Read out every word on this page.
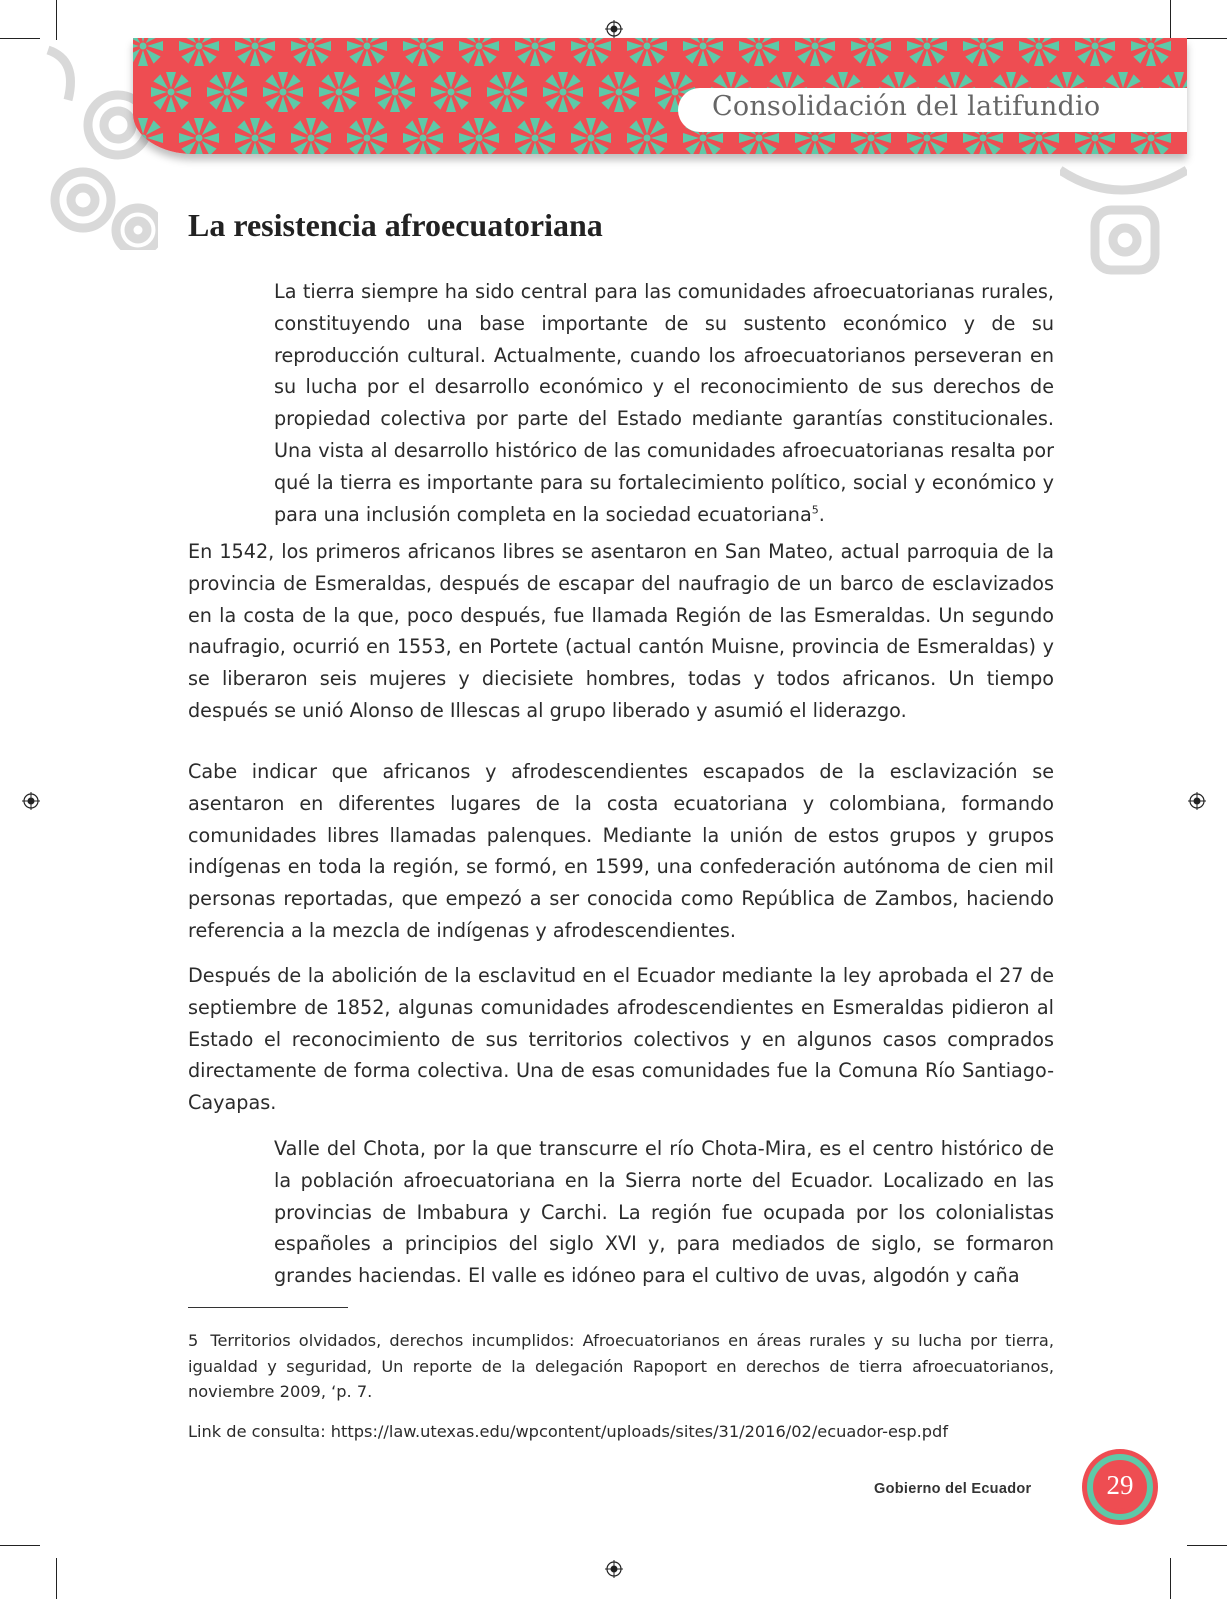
Consolidación del latifundio
La resistencia afroecuatoriana

La tierra siempre ha sido central para las comunidades afroecuatorianas rurales, constituyendo una base importante de su sustento económico y de su reproducción cultural. Actualmente, cuando los afroecuatorianos perseveran en su lucha por el desarrollo económico y el reconocimiento de sus derechos de propiedad colectiva por parte del Estado mediante garantías constitucionales. Una vista al desarrollo histórico de las comunidades afroecuatorianas resalta por qué la tierra es importante para su fortalecimiento político, social y económico y para una inclusión completa en la sociedad ecuatoriana$^5$.

En 1542, los primeros africanos libres se asentaron en San Mateo, actual parroquia de la provincia de Esmeraldas, después de escapar del naufragio de un barco de esclavizados en la costa de la que, poco después, fue llamada Región de las Esmeraldas. Un segundo naufragio, ocurrió en 1553, en Portete (actual cantón Muisne, provincia de Esmeraldas) y se liberaron seis mujeres y diecisiete hombres, todas y todos africanos. Un tiempo después se unió Alonso de Illescas al grupo liberado y asumió el liderazgo.

Cabe indicar que africanos y afrodescendientes escapados de la esclavización se asentaron en diferentes lugares de la costa ecuatoriana y colombiana, formando comunidades libres llamadas palenques. Mediante la unión de estos grupos y grupos indígenas en toda la región, se formó, en 1599, una confederación autónoma de cien mil personas reportadas, que empezó a ser conocida como República de Zambos, haciendo referencia a la mezcla de indígenas y afrodescendientes.

Después de la abolición de la esclavitud en el Ecuador mediante la ley aprobada el 27 de septiembre de 1852, algunas comunidades afrodescendientes en Esmeraldas pidieron al Estado el reconocimiento de sus territorios colectivos y en algunos casos comprados directamente de forma colectiva. Una de esas comunidades fue la Comuna Río Santiago-Cayapas.

Valle del Chota, por la que transcurre el río Chota-Mira, es el centro histórico de la población afroecuatoriana en la Sierra norte del Ecuador. Localizado en las provincias de Imbabura y Carchi. La región fue ocupada por los colonialistas españoles a principios del siglo XVI y, para mediados de siglo, se formaron grandes haciendas. El valle es idóneo para el cultivo de uvas, algodón y caña

5 Territorios olvidados, derechos incumplidos: Afroecuatorianos en áreas rurales y su lucha por tierra, igualdad y seguridad, Un reporte de la delegación Rapoport en derechos de tierra afroecuatorianos, noviembre 2009, ‘p. 7.

Link de consulta: https://law.utexas.edu/wpcontent/uploads/sites/31/2016/02/ecuador-esp.pdf

Gobierno del Ecuador	29
